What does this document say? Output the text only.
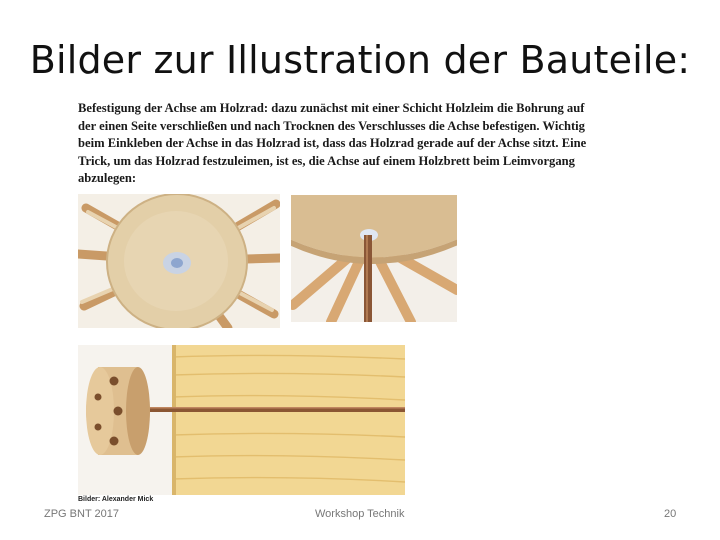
Bilder zur Illustration der Bauteile:
Befestigung der Achse am Holzrad: dazu zunächst mit einer Schicht Holzleim die Bohrung auf
der einen Seite verschließen und nach Trocknen des Verschlusses die Achse befestigen. Wichtig
beim Einkleben der Achse in das Holzrad ist, dass das Holzrad gerade auf der Achse sitzt. Eine
Trick, um das Holzrad festzuleimen, ist es, die Achse auf einem Holzbrett beim Leimvorgang
abzulegen:
Bilder: Alexander Mick
ZPG BNT 2017	Workshop Technik	20
